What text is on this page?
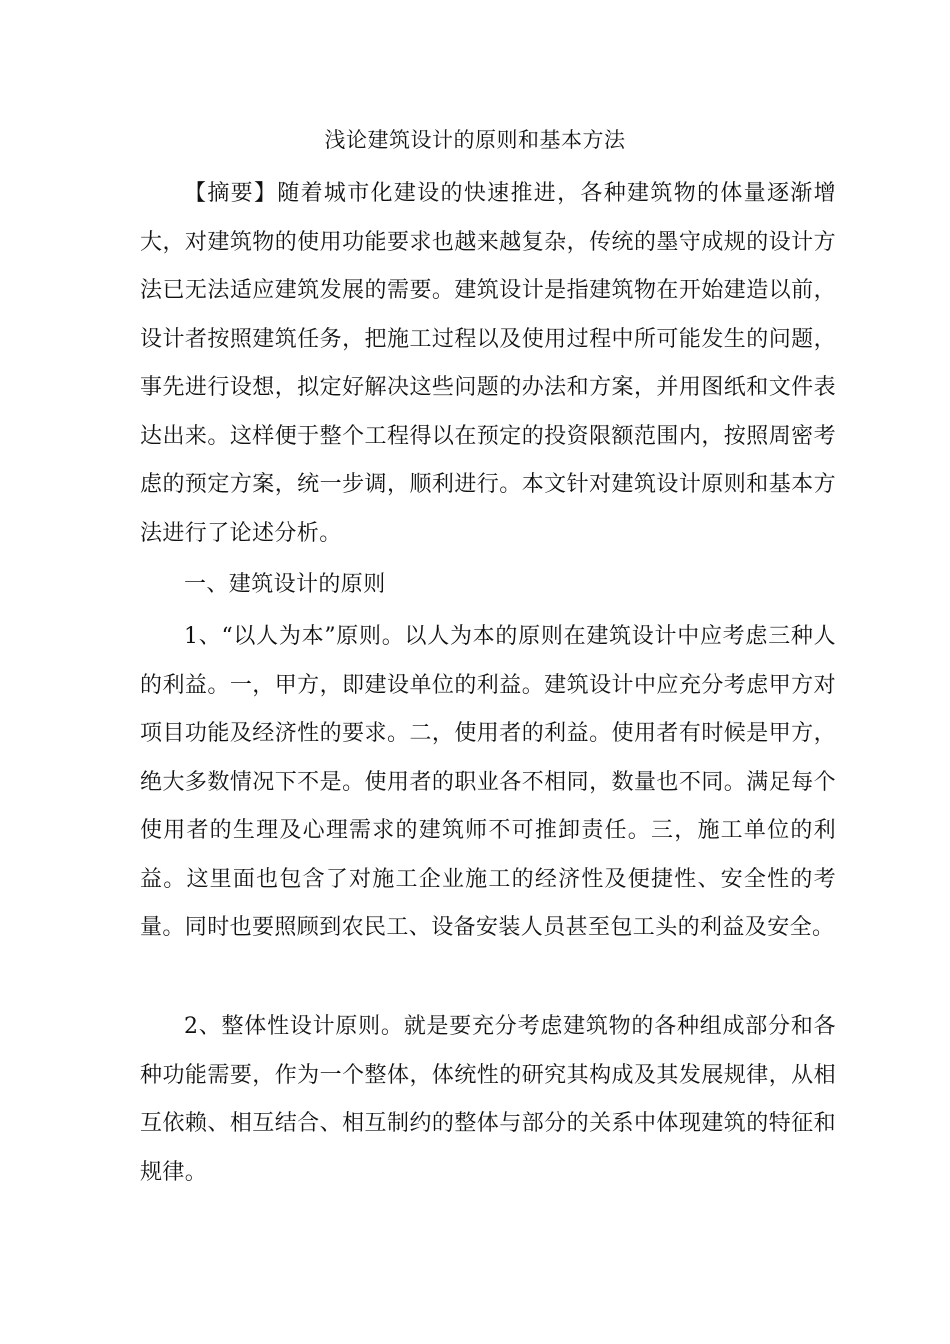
浅论建筑设计的原则和基本方法

【摘要】随着城市化建设的快速推进，各种建筑物的体量逐渐增大，对建筑物的使用功能要求也越来越复杂，传统的墨守成规的设计方法已无法适应建筑发展的需要。建筑设计是指建筑物在开始建造以前，设计者按照建筑任务，把施工过程以及使用过程中所可能发生的问题，事先进行设想，拟定好解决这些问题的办法和方案，并用图纸和文件表达出来。这样便于整个工程得以在预定的投资限额范围内，按照周密考虑的预定方案，统一步调，顺利进行。本文针对建筑设计原则和基本方法进行了论述分析。

一、建筑设计的原则

1、“以人为本”原则。以人为本的原则在建筑设计中应考虑三种人的利益。一，甲方，即建设单位的利益。建筑设计中应充分考虑甲方对项目功能及经济性的要求。二，使用者的利益。使用者有时候是甲方，绝大多数情况下不是。使用者的职业各不相同，数量也不同。满足每个使用者的生理及心理需求的建筑师不可推卸责任。三，施工单位的利益。这里面也包含了对施工企业施工的经济性及便捷性、安全性的考量。同时也要照顾到农民工、设备安装人员甚至包工头的利益及安全。

2、整体性设计原则。就是要充分考虑建筑物的各种组成部分和各种功能需要，作为一个整体，体统性的研究其构成及其发展规律，从相互依赖、相互结合、相互制约的整体与部分的关系中体现建筑的特征和规律。
